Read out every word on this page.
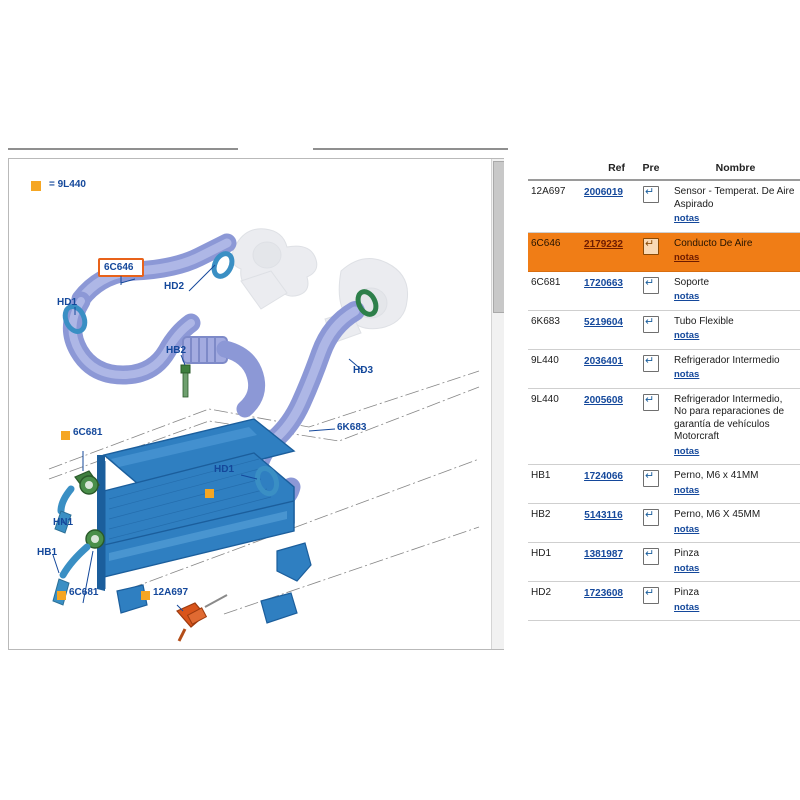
= 9L440
6C646
HD1
HD2
HB2
HD3
6K683
HD1
6C681
HN1
HB1
6C681	12A697
	Ref	Pre	Nombre
12A697	2006019	↵	Sensor - Temperat. De Aire Aspirado
notas
6C646	2179232	↵	Conducto De Aire
notas
6C681	1720663	↵	Soporte
notas
6K683	5219604	↵	Tubo Flexible
notas
9L440	2036401	↵	Refrigerador Intermedio
notas
9L440	2005608	↵	Refrigerador Intermedio, No para reparaciones de garantía de vehículos Motorcraft
notas
HB1	1724066	↵	Perno, M6 x 41MM
notas
HB2	5143116	↵	Perno, M6 X 45MM
notas
HD1	1381987	↵	Pinza
notas
HD2	1723608	↵	Pinza
notas
